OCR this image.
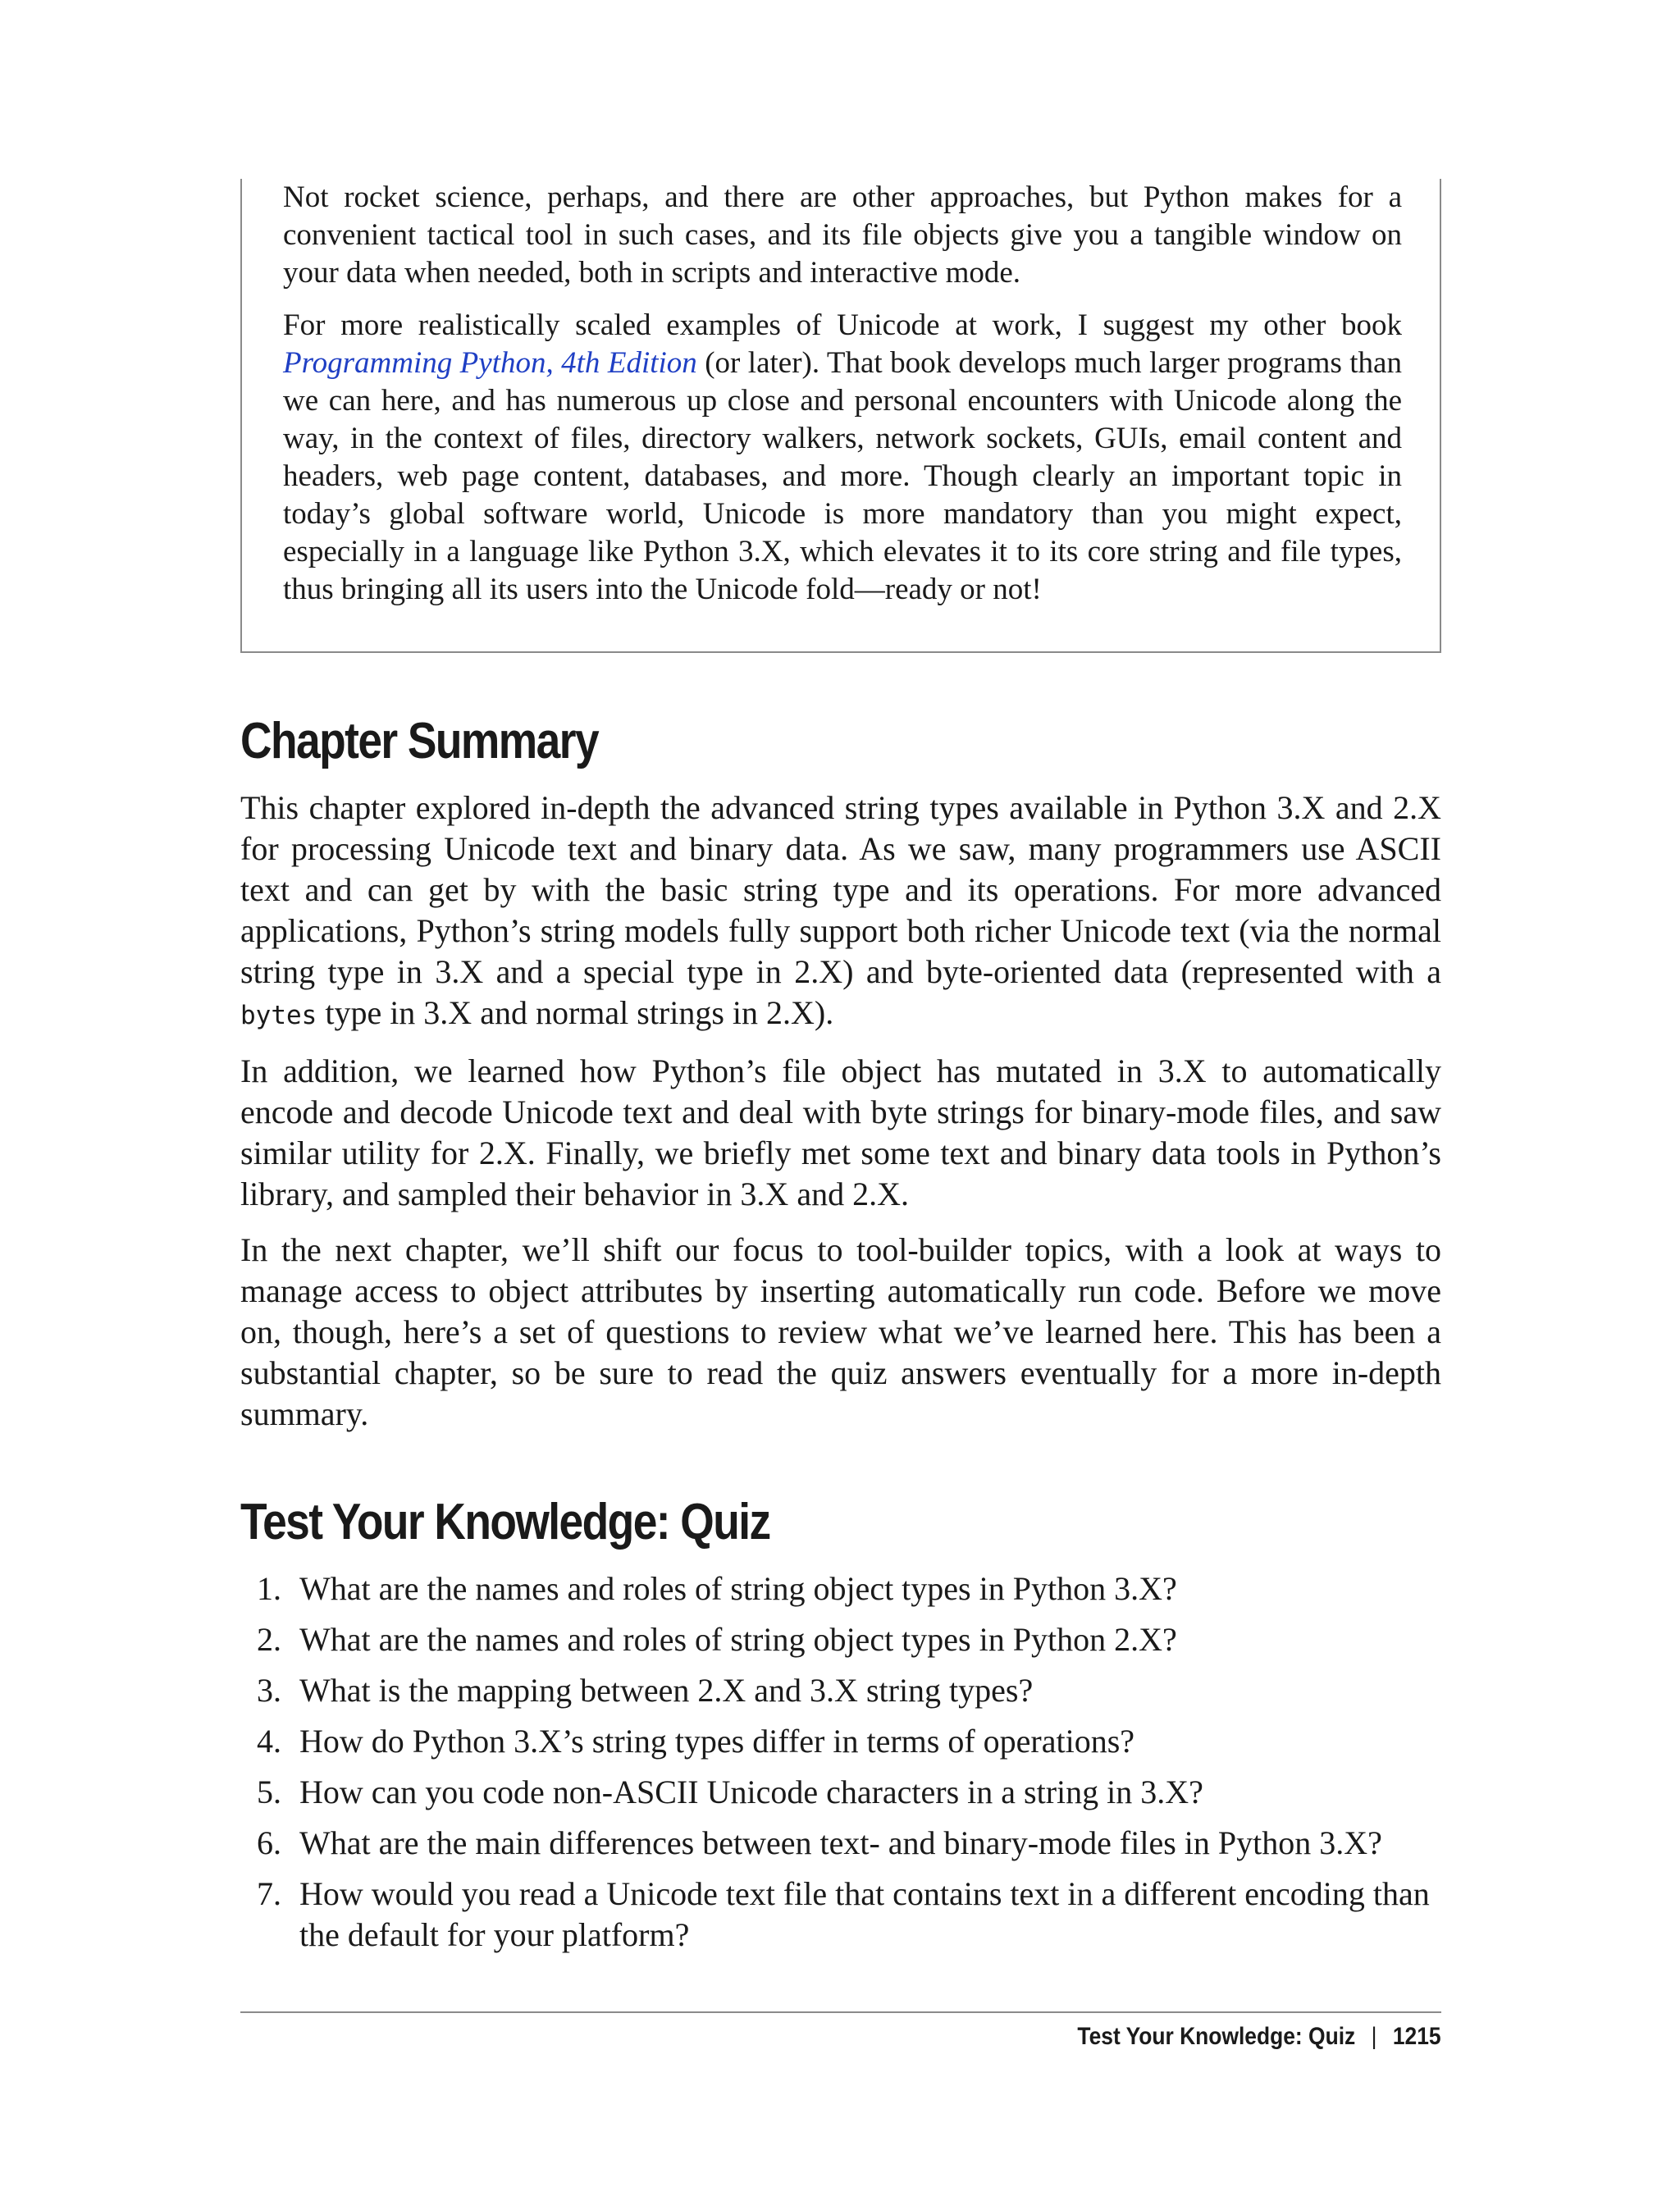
Not rocket science, perhaps, and there are other approaches, but Python makes for a convenient tactical tool in such cases, and its file objects give you a tangible window on your data when needed, both in scripts and interactive mode.

For more realistically scaled examples of Unicode at work, I suggest my other book Programming Python, 4th Edition (or later). That book develops much larger programs than we can here, and has numerous up close and personal encounters with Unicode along the way, in the context of files, directory walkers, network sockets, GUIs, email content and headers, web page content, databases, and more. Though clearly an important topic in today’s global software world, Unicode is more mandatory than you might expect, especially in a language like Python 3.X, which elevates it to its core string and file types, thus bringing all its users into the Unicode fold—ready or not!

Chapter Summary

This chapter explored in-depth the advanced string types available in Python 3.X and 2.X for processing Unicode text and binary data. As we saw, many programmers use ASCII text and can get by with the basic string type and its operations. For more advanced applications, Python’s string models fully support both richer Unicode text (via the normal string type in 3.X and a special type in 2.X) and byte-oriented data (represented with a bytes type in 3.X and normal strings in 2.X).

In addition, we learned how Python’s file object has mutated in 3.X to automatically encode and decode Unicode text and deal with byte strings for binary-mode files, and saw similar utility for 2.X. Finally, we briefly met some text and binary data tools in Python’s library, and sampled their behavior in 3.X and 2.X.

In the next chapter, we’ll shift our focus to tool-builder topics, with a look at ways to manage access to object attributes by inserting automatically run code. Before we move on, though, here’s a set of questions to review what we’ve learned here. This has been a substantial chapter, so be sure to read the quiz answers eventually for a more in-depth summary.

Test Your Knowledge: Quiz
1. What are the names and roles of string object types in Python 3.X?
2. What are the names and roles of string object types in Python 2.X?
3. What is the mapping between 2.X and 3.X string types?
4. How do Python 3.X’s string types differ in terms of operations?
5. How can you code non-ASCII Unicode characters in a string in 3.X?
6. What are the main differences between text- and binary-mode files in Python 3.X?
7. How would you read a Unicode text file that contains text in a different encoding than the default for your platform?
Test Your Knowledge: Quiz | 1215
